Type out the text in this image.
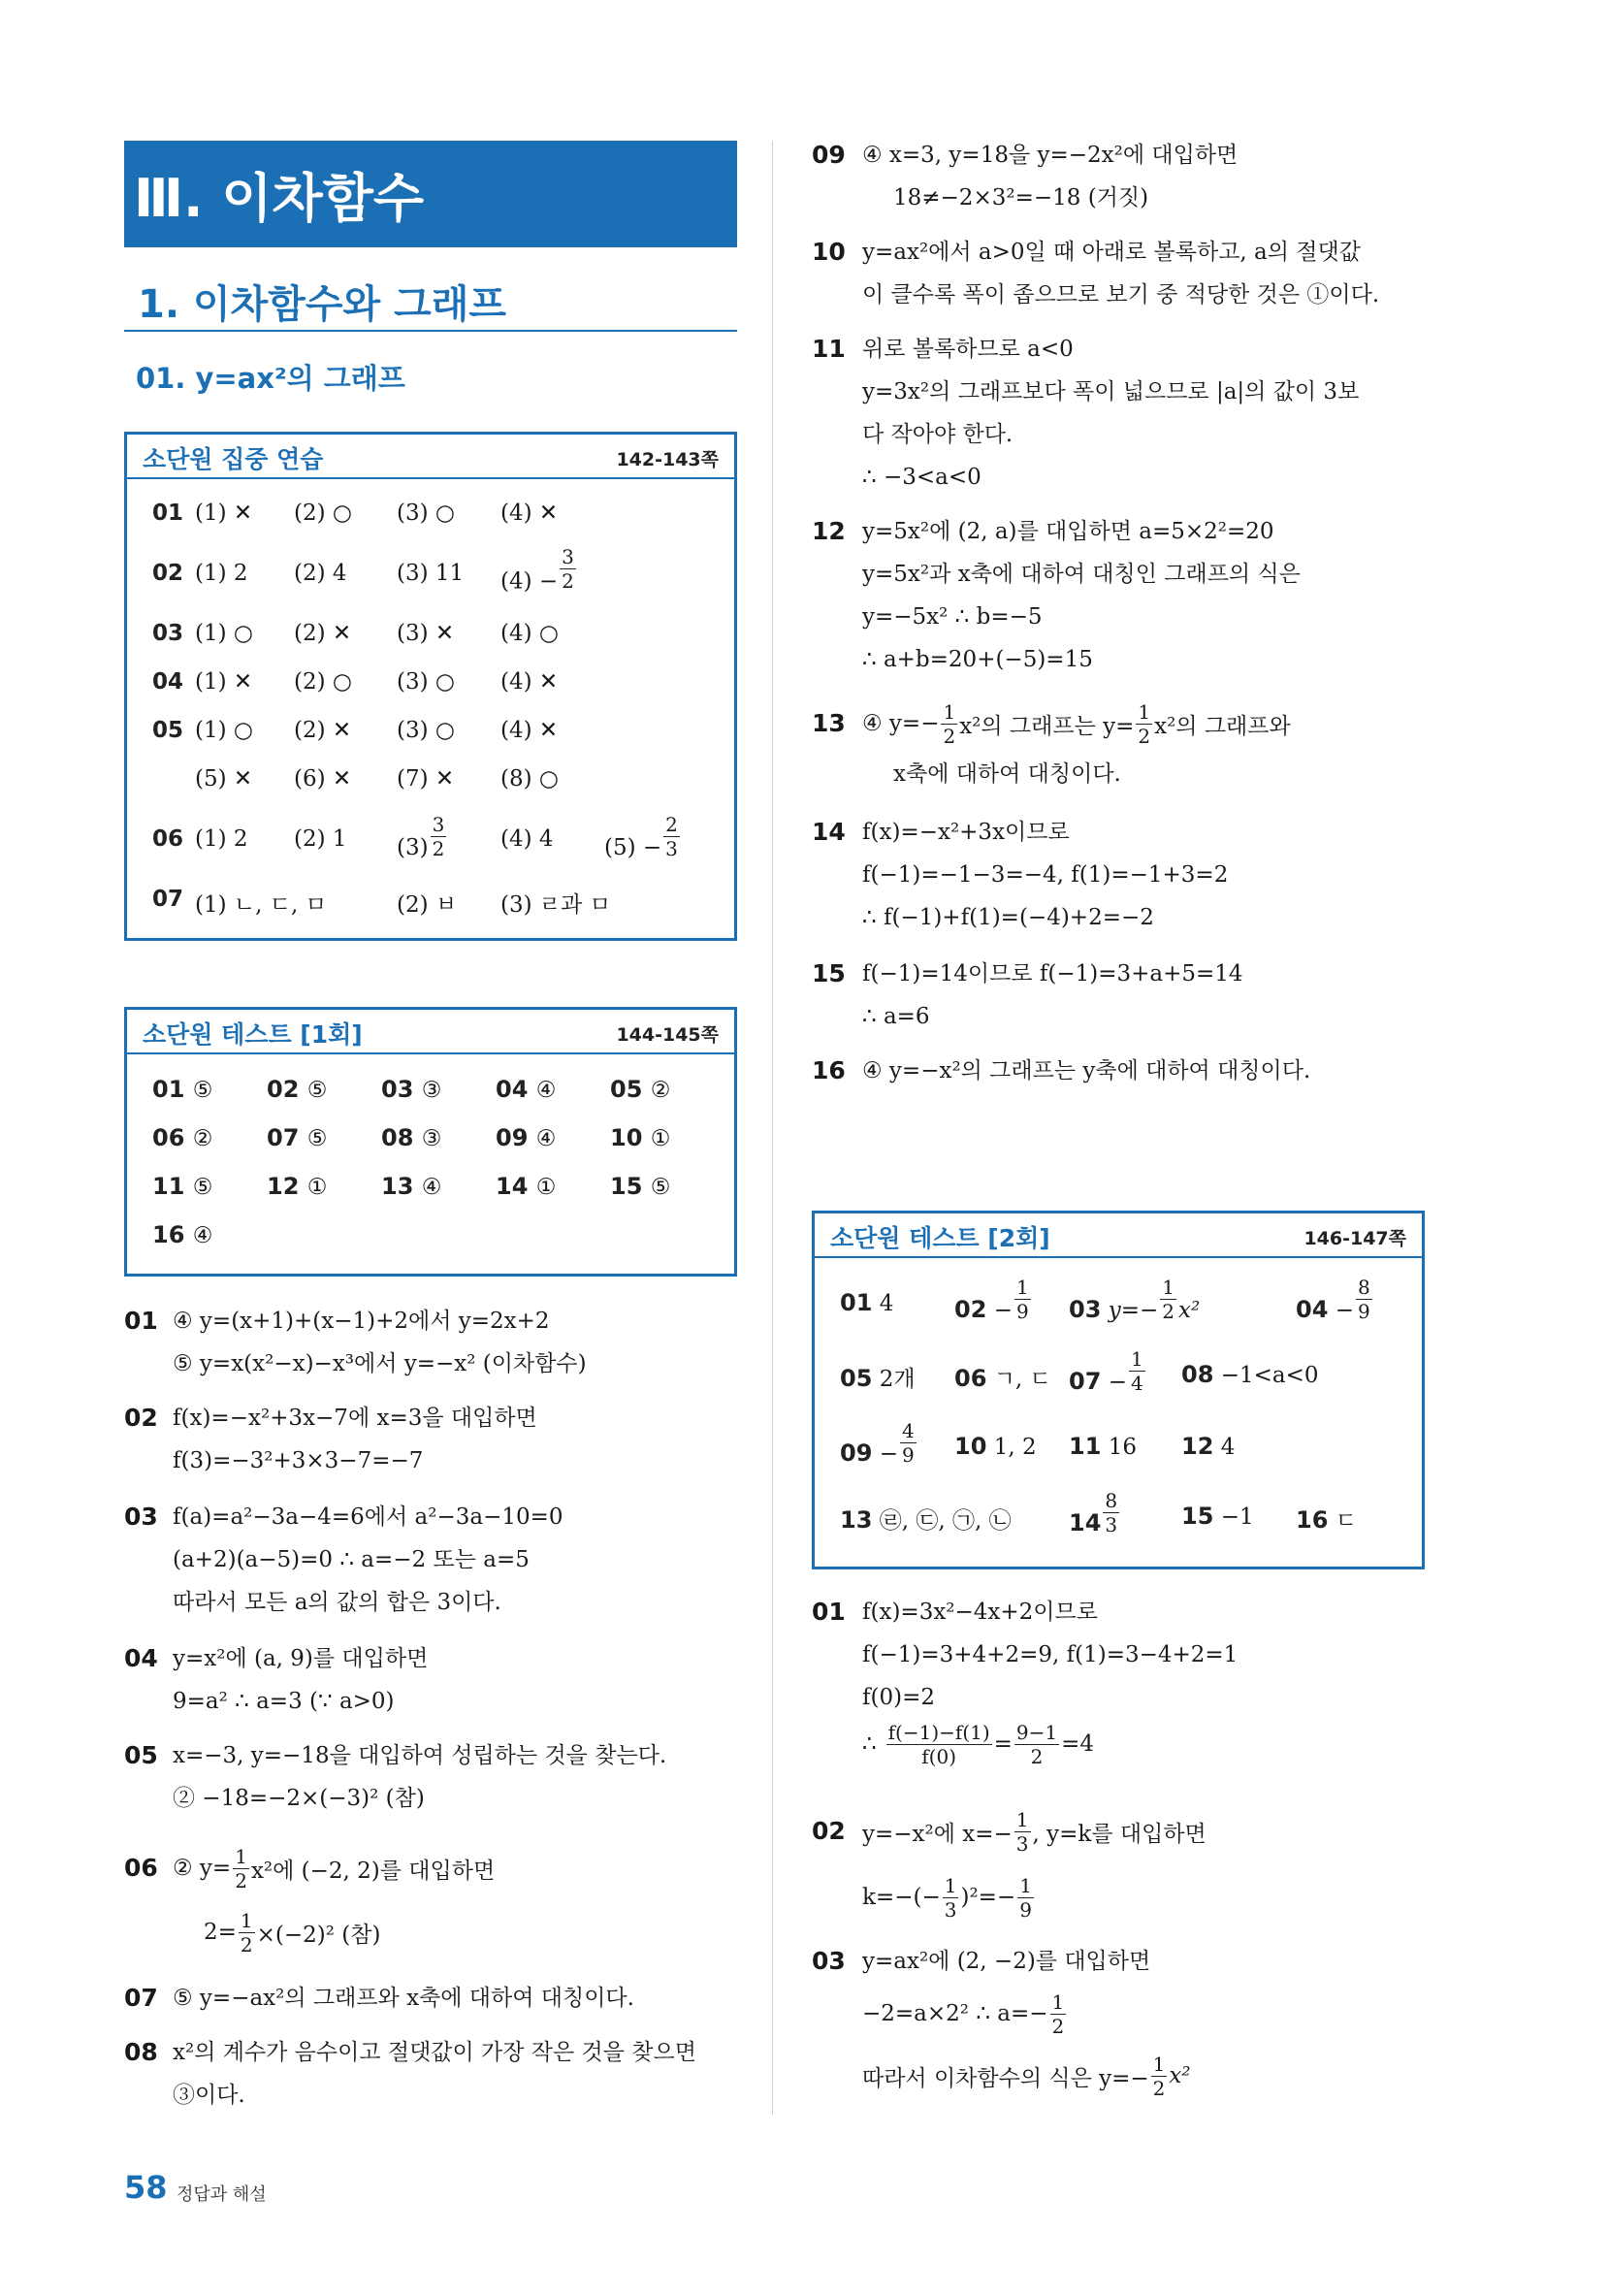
Ⅲ. 이차함수
1. 이차함수와 그래프
01. y=ax²의 그래프
소단원 집중 연습	142-143쪽
01 (1) ✕ (2) ○ (3) ○ (4) ✕
02 (1) 2 (2) 4 (3) 11 $(4) - \frac{3}{2}$
03 (1) ○ (2) ✕ (3) ✕ (4) ○
04 (1) ✕ (2) ○ (3) ○ (4) ✕
05 (1) ○ (2) ✕ (3) ○ (4) ✕
(5) ✕ (6) ✕ (7) ✕ (8) ○
06 (1) 2 (2) 1 $(3) \frac{3}{2} (4)$ 4 $(5) - \frac{2}{3}$
07 (1) ㄴ, ㄷ, ㅁ	(2) ㅂ (3) ㄹ과 ㅁ
소단원 테스트 [1회]	144-145쪽
01 ⑤ 02 ⑤ 03 ③ 04 ④ 05 ②
06 ② 07 ⑤ 08 ③ 09 ④ 10 ①
11 ⑤ 12 ① 13 ④ 14 ① 15 ⑤
16 ④	소단원 테스트 [2회]	146-147쪽
01 4	$02 - \frac{1}{9} 03$ $y=- \frac{1}{2} x^2$	$04 - \frac{8}{9}$
05 2개 06 ㄱ, ㄷ $07 - \frac{1}{4} 08 -1<a<0$
$09 - \frac{4}{9} 10$ 1, 2 11 16 12 4
13 ㉣, ㉢, ㉠, ㉡ $14 \frac{8}{3}$	15 −1 16 ㄷ
01 ④ y=(x+1)+(x−1)+2에서 y=2x+2
⑤ y=x(x²−x)−x³에서 y=−x² (이차함수)
02 f(x)=−x²+3x−7에 x=3을 대입하면
f(3)=−3²+3×3−7=−7
03 f(a)=a²−3a−4=6에서 a²−3a−10=0
(a+2)(a−5)=0 ∴ a=−2 또는 a=5
따라서 모든 a의 값의 합은 3이다.
04 y=x²에 (a, 9)를 대입하면
9=a² ∴ a=3 (∵ a>0)
05 x=−3, y=−18을 대입하여 성립하는 것을 찾는다.
② −18=−2×(−3)² (참)
06 ② $y= \frac{1}{2} x^2$에 (−2, 2)를 대입하면
$2= \frac{1}{2} \times(-2)^2$ (참)
07 ⑤ y=−ax²의 그래프와 x축에 대하여 대칭이다.
08 x²의 계수가 음수이고 절댓값이 가장 작은 것을 찾으면
③이다.
09 ④ x=3, y=18을 y=−2x²에 대입하면
18≠−2×3²=−18 (거짓)
10 y=ax²에서 a>0일 때 아래로 볼록하고, a의 절댓값
이 클수록 폭이 좁으므로 보기 중 적당한 것은 ①이다.
11 위로 볼록하므로 a<0
y=3x²의 그래프보다 폭이 넓으므로 |a|의 값이 3보
다 작아야 한다.
∴ −3<a<0
12 y=5x²에 (2, a)를 대입하면 a=5×2²=20
y=5x²과 x축에 대하여 대칭인 그래프의 식은
y=−5x² ∴ b=−5
∴ a+b=20+(−5)=15
13 ④ $y=- \frac{1}{2} x^2$의 그래프는 $y= \frac{1}{2} x^2$의 그래프와
x축에 대하여 대칭이다.
14 f(x)=−x²+3x이므로
f(−1)=−1−3=−4, f(1)=−1+3=2
∴ f(−1)+f(1)=(−4)+2=−2
15 f(−1)=14이므로 f(−1)=3+a+5=14
∴ a=6
16 ④ y=−x²의 그래프는 y축에 대하여 대칭이다.
01 f(x)=3x²−4x+2이므로
f(−1)=3+4+2=9, f(1)=3−4+2=1
f(0)=2
∴ $\frac{f(-1)-f(1)}{f(0)} = \frac{9-1}{2} =4$
02 y=−x²에 $x=- \frac{1}{3}$ , y=k를 대입하면
$k=-(- \frac{1}{3} )^2=- \frac{1}{9}$
03 y=ax²에 (2, −2)를 대입하면
−2=a×2² ∴ $a=- \frac{1}{2}$
따라서 이차함수의 식은 $y=- \frac{1}{2} x^2$
58 정답과 해설
